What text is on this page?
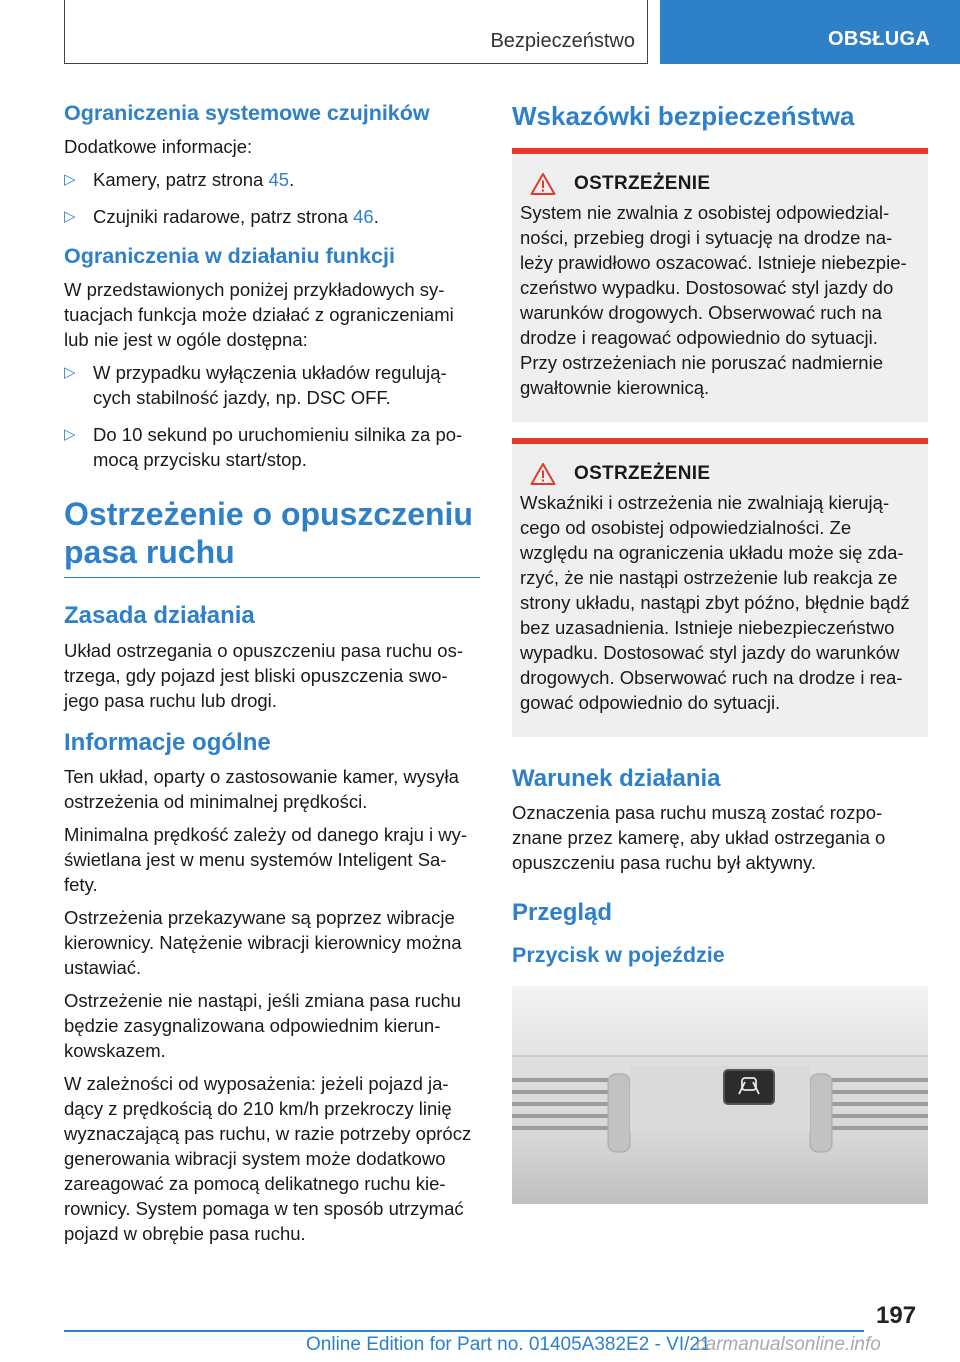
Bezpieczeństwo	OBSŁUGA
Ograniczenia systemowe czujników
Dodatkowe informacje:
▷ Kamery, patrz strona 45.
▷ Czujniki radarowe, patrz strona 46.
Ograniczenia w działaniu funkcji
W przedstawionych poniżej przykładowych sy-tuacjach funkcja może działać z ograniczeniami lub nie jest w ogóle dostępna:
▷ W przypadku wyłączenia układów regulują-cych stabilność jazdy, np. DSC OFF.
▷ Do 10 sekund po uruchomieniu silnika za po-mocą przycisku start/stop.
Ostrzeżenie o opuszczeniu pasa ruchu
Zasada działania
Układ ostrzegania o opuszczeniu pasa ruchu os-trzega, gdy pojazd jest bliski opuszczenia swo-jego pasa ruchu lub drogi.
Informacje ogólne
Ten układ, oparty o zastosowanie kamer, wysyła ostrzeżenia od minimalnej prędkości.
Minimalna prędkość zależy od danego kraju i wy-świetlana jest w menu systemów Inteligent Sa-fety.
Ostrzeżenia przekazywane są poprzez wibracje kierownicy. Natężenie wibracji kierownicy można ustawiać.
Ostrzeżenie nie nastąpi, jeśli zmiana pasa ruchu będzie zasygnalizowana odpowiednim kierun-kowskazem.
W zależności od wyposażenia: jeżeli pojazd ja-dący z prędkością do 210 km/h przekroczy linię wyznaczającą pas ruchu, w razie potrzeby oprócz generowania wibracji system może dodatkowo zareagować za pomocą delikatnego ruchu kie-rownicy. System pomaga w ten sposób utrzymać pojazd w obrębie pasa ruchu.
Wskazówki bezpieczeństwa
OSTRZEŻENIE
System nie zwalnia z osobistej odpowiedzial-
ności, przebieg drogi i sytuację na drodze na-
leży prawidłowo oszacować. Istnieje niebezpie-
czeństwo wypadku. Dostosować styl jazdy do
warunków drogowych. Obserwować ruch na
drodze i reagować odpowiednio do sytuacji.
Przy ostrzeżeniach nie poruszać nadmiernie
gwałtownie kierownicą.
OSTRZEŻENIE
Wskaźniki i ostrzeżenia nie zwalniają kierują-
cego od osobistej odpowiedzialności. Ze
względu na ograniczenia układu może się zda-
rzyć, że nie nastąpi ostrzeżenie lub reakcja ze
strony układu, nastąpi zbyt późno, błędnie bądź
bez uzasadnienia. Istnieje niebezpieczeństwo
wypadku. Dostosować styl jazdy do warunków
drogowych. Obserwować ruch na drodze i rea-
gować odpowiednio do sytuacji.
Warunek działania
Oznaczenia pasa ruchu muszą zostać rozpo-znane przez kamerę, aby układ ostrzegania o opuszczeniu pasa ruchu był aktywny.
Przegląd
Przycisk w pojeździe
197
Online Edition for Part no. 01405A382E2 - VI/21
carmanualsonline.info
